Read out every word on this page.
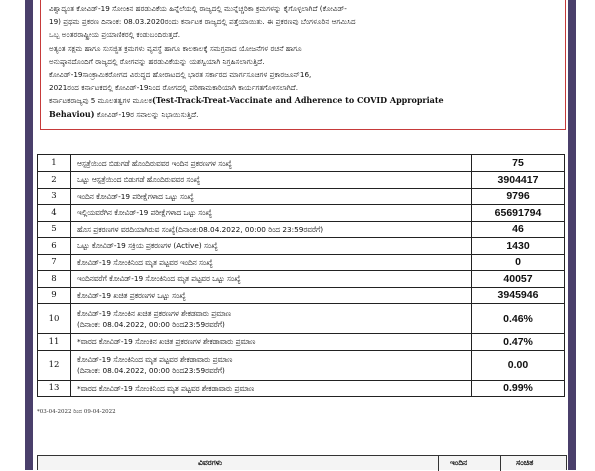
ವಿಶ್ವಾದ್ಯಂತ ಕೋವಿಡ್-19 ಸೋಂಕಿನ ಹರಡುವಿಕೆಯ ಹಿನ್ನೆಲೆಯಲ್ಲಿ ರಾಜ್ಯದಲ್ಲಿ ಮುನ್ನೆಚ್ಚರಿಕಾ ಕ್ರಮಗಳನ್ನು ಕೈಗೊಳ್ಳಲಾಗಿದೆ (ಕೋವಿಡ್-

19) ಪ್ರಥಮ ಪ್ರಕರಣ ದಿನಾಂಕ: 08.03.2020ರಂದು ಕರ್ನಾಟಕ ರಾಜ್ಯದಲ್ಲಿ ಪತ್ತೆಯಾಯಿತು. ಈ ಪ್ರಕರಣವು ಬೆಂಗಳೂರಿನ ಆಗಮಿಸಿದ

ಒಬ್ಬ ಅಂತರರಾಷ್ಟ್ರೀಯ ಪ್ರಯಾಣಿಕರಲ್ಲಿ ಕಂಡುಬಂದಿರುತ್ತದೆ.

ಅತ್ಯಂತ ಸಕ್ಷಮ ಹಾಗೂ ಸುಸಜ್ಜಿತ ಕ್ರಮಗಳು ವ್ಯವಸ್ಥೆ ಹಾಗೂ ಕಾಲಕಾಲಕ್ಕೆ ಸಮಗ್ರವಾದ ಯೋಜನೆಗಳ ರಚನೆ ಹಾಗೂ

ಅನುಷ್ಠಾನದೊಂದಿಗೆ ರಾಜ್ಯದಲ್ಲಿ ರೋಗವನ್ನು ಹರಡುವಿಕೆಯನ್ನು ಯಶಸ್ವಿಯಾಗಿ ನಿಗ್ರಹಿಸಲಾಗುತ್ತಿದೆ.

ಕೋವಿಡ್-19ಸಾಂಕ್ರಾಮಿಕರೋಗದ ವಿರುದ್ಧದ ಹೋರಾಟದಲ್ಲಿ ಭಾರತ ಸರ್ಕಾರದ ಮಾರ್ಗಸೂಚಿಗಳ ಪ್ರಕಾರಜೂನ್16,

2021ರಂದ ಕರ್ನಾಟಕದಲ್ಲಿ ಕೋವಿಡ್-19ನಿಂದ ರೋಗದಲ್ಲಿ ಪರಿಣಾಮಕಾರಿಯಾಗಿ ಕಾರ್ಯಗತಗೊಳಿಸಲಾಗಿದೆ.

ಕರ್ನಾಟಕರಾಜ್ಯವು 5 ಮೂಲತತ್ವಗಳ ಮೂಲಕ(Test-Track-Treat-Vaccinate and Adherence to COVID Appropriate

Behaviou) ಕೋವಿಡ್-19ರ ಸವಾಲನ್ನು ನಿಭಾಯಿಸುತ್ತಿದೆ.

1	ಆಸ್ಪತ್ರೆಯಿಂದ ಬಿಡುಗಡೆ ಹೊಂದಿರುವವರ ಇಂದಿನ ಪ್ರಕರಣಗಳ ಸಂಖ್ಯೆ	75
2	ಒಟ್ಟು ಆಸ್ಪತ್ರೆಯಿಂದ ಬಿಡುಗಡೆ ಹೊಂದಿರುವವರ ಸಂಖ್ಯೆ	3904417
3	ಇಂದಿನ ಕೋವಿಡ್-19 ಪರೀಕ್ಷೆಗಳಾದ ಒಟ್ಟು ಸಂಖ್ಯೆ	9796
4	ಇಲ್ಲಿಯವರೆಗಿನ ಕೋವಿಡ್-19 ಪರೀಕ್ಷೆಗಳಾದ ಒಟ್ಟು ಸಂಖ್ಯೆ	65691794
5	ಹೊಸ ಪ್ರಕರಣಗಳ ವರದಿಯಾಗಿರುವ ಸಂಖ್ಯೆ(ದಿನಾಂಕ:08.04.2022, 00:00 ರಿಂದ 23:59ರವರೆಗೆ)	46
6	ಒಟ್ಟು ಕೋವಿಡ್-19 ಸಕ್ರಿಯ ಪ್ರಕರಣಗಳ (Active) ಸಂಖ್ಯೆ	1430
7	ಕೋವಿಡ್-19 ಸೋಂಕಿನಿಂದ ಮೃತ ಪಟ್ಟವರ ಇಂದಿನ ಸಂಖ್ಯೆ	0
8	ಇಂದಿನವರೆಗೆ ಕೋವಿಡ್-19 ಸೋಂಕಿನಿಂದ ಮೃತ ಪಟ್ಟವರ ಒಟ್ಟು ಸಂಖ್ಯೆ	40057
9	ಕೋವಿಡ್-19 ಖಚಿತ ಪ್ರಕರಣಗಳ ಒಟ್ಟು ಸಂಖ್ಯೆ	3945946
10	ಕೋವಿಡ್-19 ಸೋಂಕಿನ ಖಚಿತ ಪ್ರಕರಣಗಳ ಶೇಕಡವಾರು ಪ್ರಮಾಣ
(ದಿನಾಂಕ: 08.04.2022, 00:00 ರಿಂದ23:59ರವರೆಗೆ)	0.46%
11	*ವಾರದ ಕೋವಿಡ್-19 ಸೋಂಕಿನ ಖಚಿತ ಪ್ರಕರಣಗಳ ಶೇಕಡಾವಾರು ಪ್ರಮಾಣ	0.47%
12	ಕೋವಿಡ್-19 ಸೋಂಕಿನಿಂದ ಮೃತ ಪಟ್ಟವರ ಶೇಕಡಾವಾರು ಪ್ರಮಾಣ
(ದಿನಾಂಕ: 08.04.2022, 00:00 ರಿಂದ23:59ರವರೆಗೆ)	0.00
13	*ವಾರದ ಕೋವಿಡ್-19 ಸೋಂಕಿನಿಂದ ಮೃತ ಪಟ್ಟವರ ಶೇಕಡಾವಾರು ಪ್ರಮಾಣ	0.99%
*03-04-2022 ರಿಂದ 09-04-2022
ವಿವರಗಳು	ಇಂದಿನ	ಸಂಚಿತ
